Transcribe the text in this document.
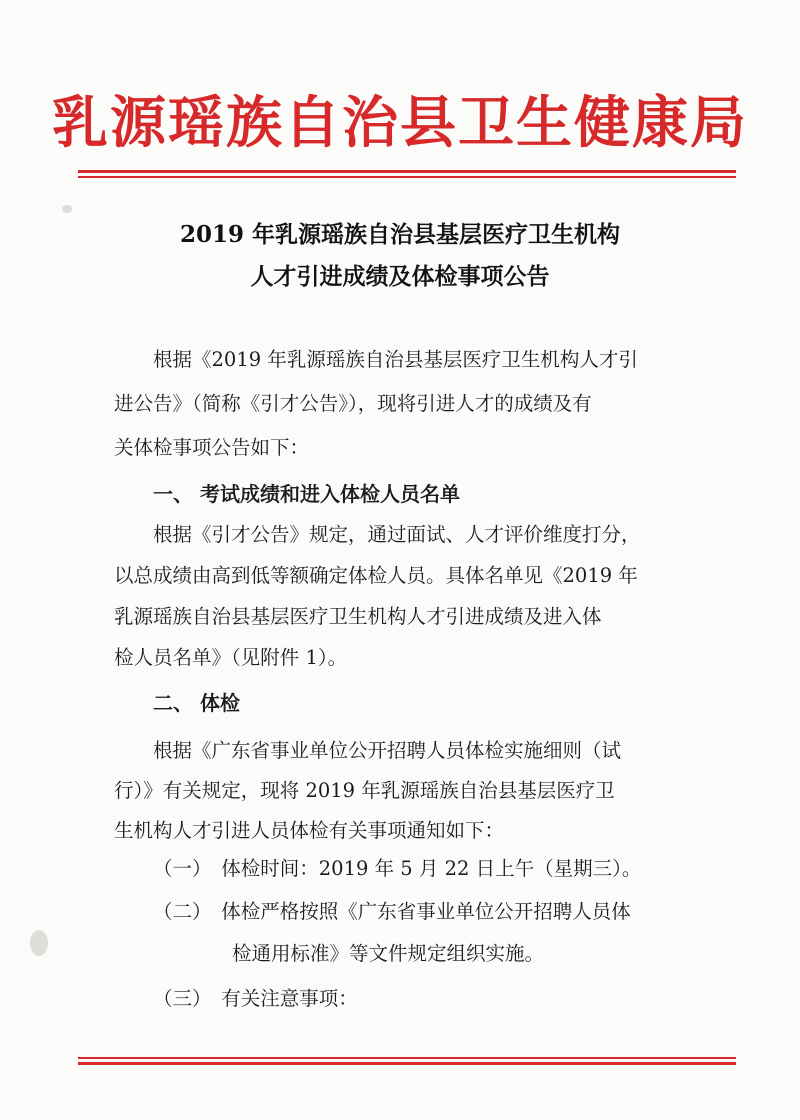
乳源瑶族自治县卫生健康局
2019 年乳源瑶族自治县基层医疗卫生机构
人才引进成绩及体检事项公告
根据《2019 年乳源瑶族自治县基层医疗卫生机构人才引
进公告》（简称《引才公告》），现将引进人才的成绩及有
关体检事项公告如下：
一、 考试成绩和进入体检人员名单
根据《引才公告》规定，通过面试、人才评价维度打分，
以总成绩由高到低等额确定体检人员。具体名单见《2019 年
乳源瑶族自治县基层医疗卫生机构人才引进成绩及进入体
检人员名单》（见附件 1）。
二、 体检
根据《广东省事业单位公开招聘人员体检实施细则（试
行）》有关规定，现将 2019 年乳源瑶族自治县基层医疗卫
生机构人才引进人员体检有关事项通知如下：
（一）　体检时间：2019 年 5 月 22 日上午（星期三）。
（二）　体检严格按照《广东省事业单位公开招聘人员体
检通用标准》等文件规定组织实施。
（三）　有关注意事项：
